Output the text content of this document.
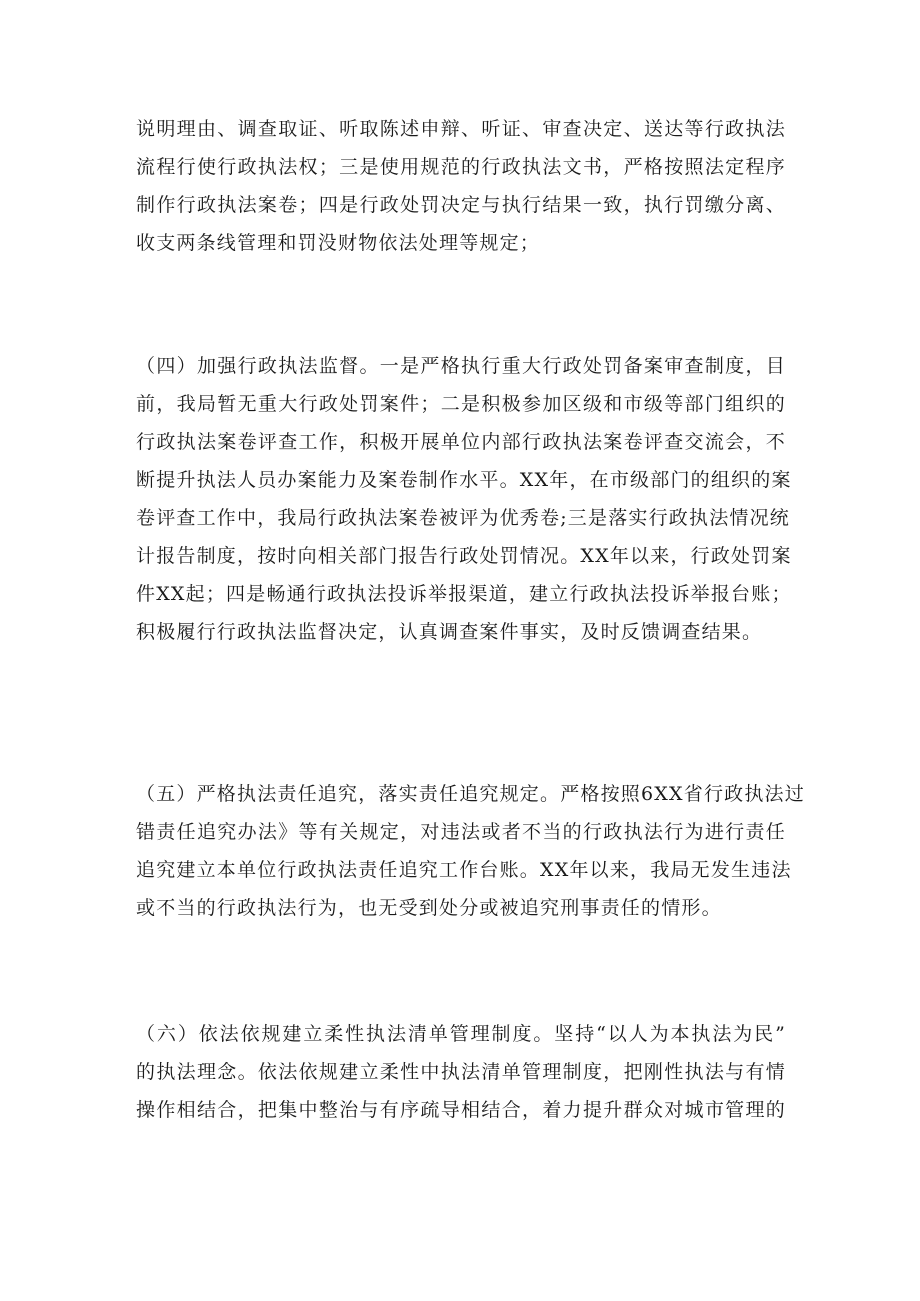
说明理由、调查取证、听取陈述申辩、听证、审查决定、送达等行政执法
流程行使行政执法权；三是使用规范的行政执法文书，严格按照法定程序
制作行政执法案卷；四是行政处罚决定与执行结果一致，执行罚缴分离、
收支两条线管理和罚没财物依法处理等规定；

（四）加强行政执法监督。一是严格执行重大行政处罚备案审查制度，目
前，我局暂无重大行政处罚案件；二是积极参加区级和市级等部门组织的
行政执法案卷评查工作，积极开展单位内部行政执法案卷评查交流会，不
断提升执法人员办案能力及案卷制作水平。XX年，在市级部门的组织的案
卷评查工作中，我局行政执法案卷被评为优秀卷;三是落实行政执法情况统
计报告制度，按时向相关部门报告行政处罚情况。XX年以来，行政处罚案
件XX起；四是畅通行政执法投诉举报渠道，建立行政执法投诉举报台账；
积极履行行政执法监督决定，认真调查案件事实，及时反馈调查结果。

（五）严格执法责任追究，落实责任追究规定。严格按照6XX省行政执法过
错责任追究办法》等有关规定，对违法或者不当的行政执法行为进行责任
追究建立本单位行政执法责任追究工作台账。XX年以来，我局无发生违法
或不当的行政执法行为，也无受到处分或被追究刑事责任的情形。

（六）依法依规建立柔性执法清单管理制度。坚持“以人为本执法为民”
的执法理念。依法依规建立柔性中执法清单管理制度，把刚性执法与有情
操作相结合，把集中整治与有序疏导相结合，着力提升群众对城市管理的
